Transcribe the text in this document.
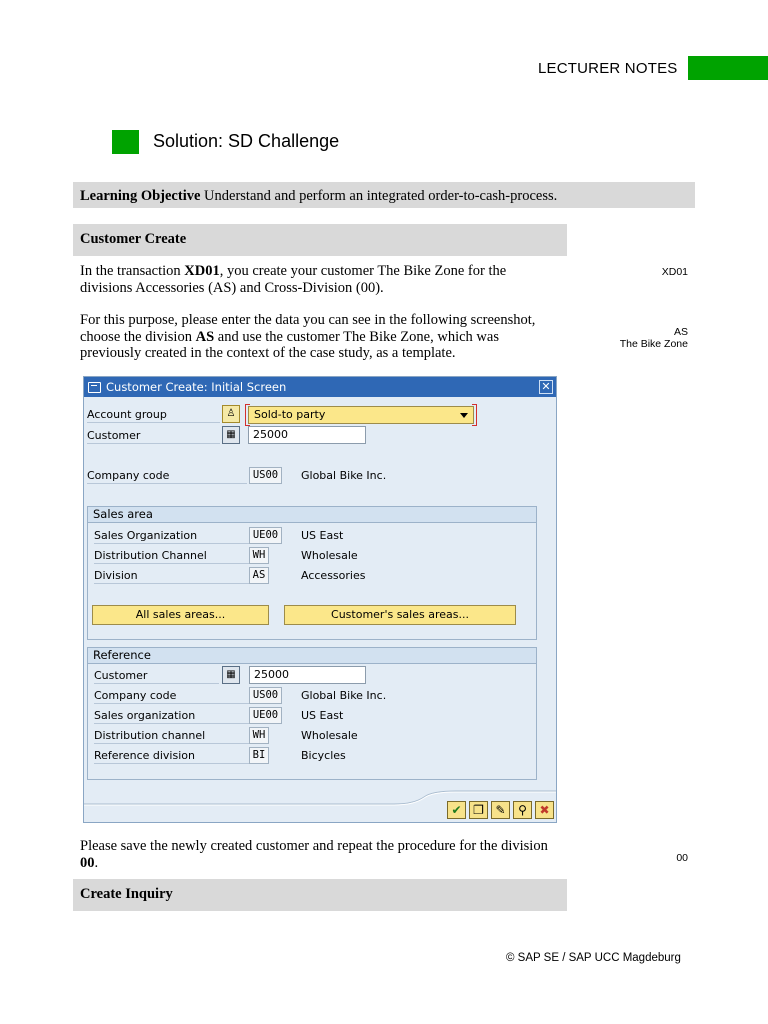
LECTURER NOTES
Solution: SD Challenge
Learning Objective Understand and perform an integrated order-to-cash-process.
Customer Create
In the transaction XD01, you create your customer The Bike Zone for the divisions Accessories (AS) and Cross-Division (00).
For this purpose, please enter the data you can see in the following screenshot, choose the division AS and use the customer The Bike Zone, which was previously created in the context of the case study, as a template.
XD01
AS
The Bike Zone
Customer Create: Initial Screen	✕
Account group	♙	Sold-to party
Customer	▦	25000
Company code	US00	Global Bike Inc.
Sales area
Sales Organization	UE00	US East
Distribution Channel	WH	Wholesale
Division	AS	Accessories
All sales areas...	Customer's sales areas...
Reference
Customer	▦	25000
Company code	US00	Global Bike Inc.
Sales organization	UE00	US East
Distribution channel	WH	Wholesale
Reference division	BI	Bicycles
✔ ❐ ✎	⚲	✖
Please save the newly created customer and repeat the procedure for the division 00.	00
Create Inquiry
© SAP SE / SAP UCC Magdeburg
